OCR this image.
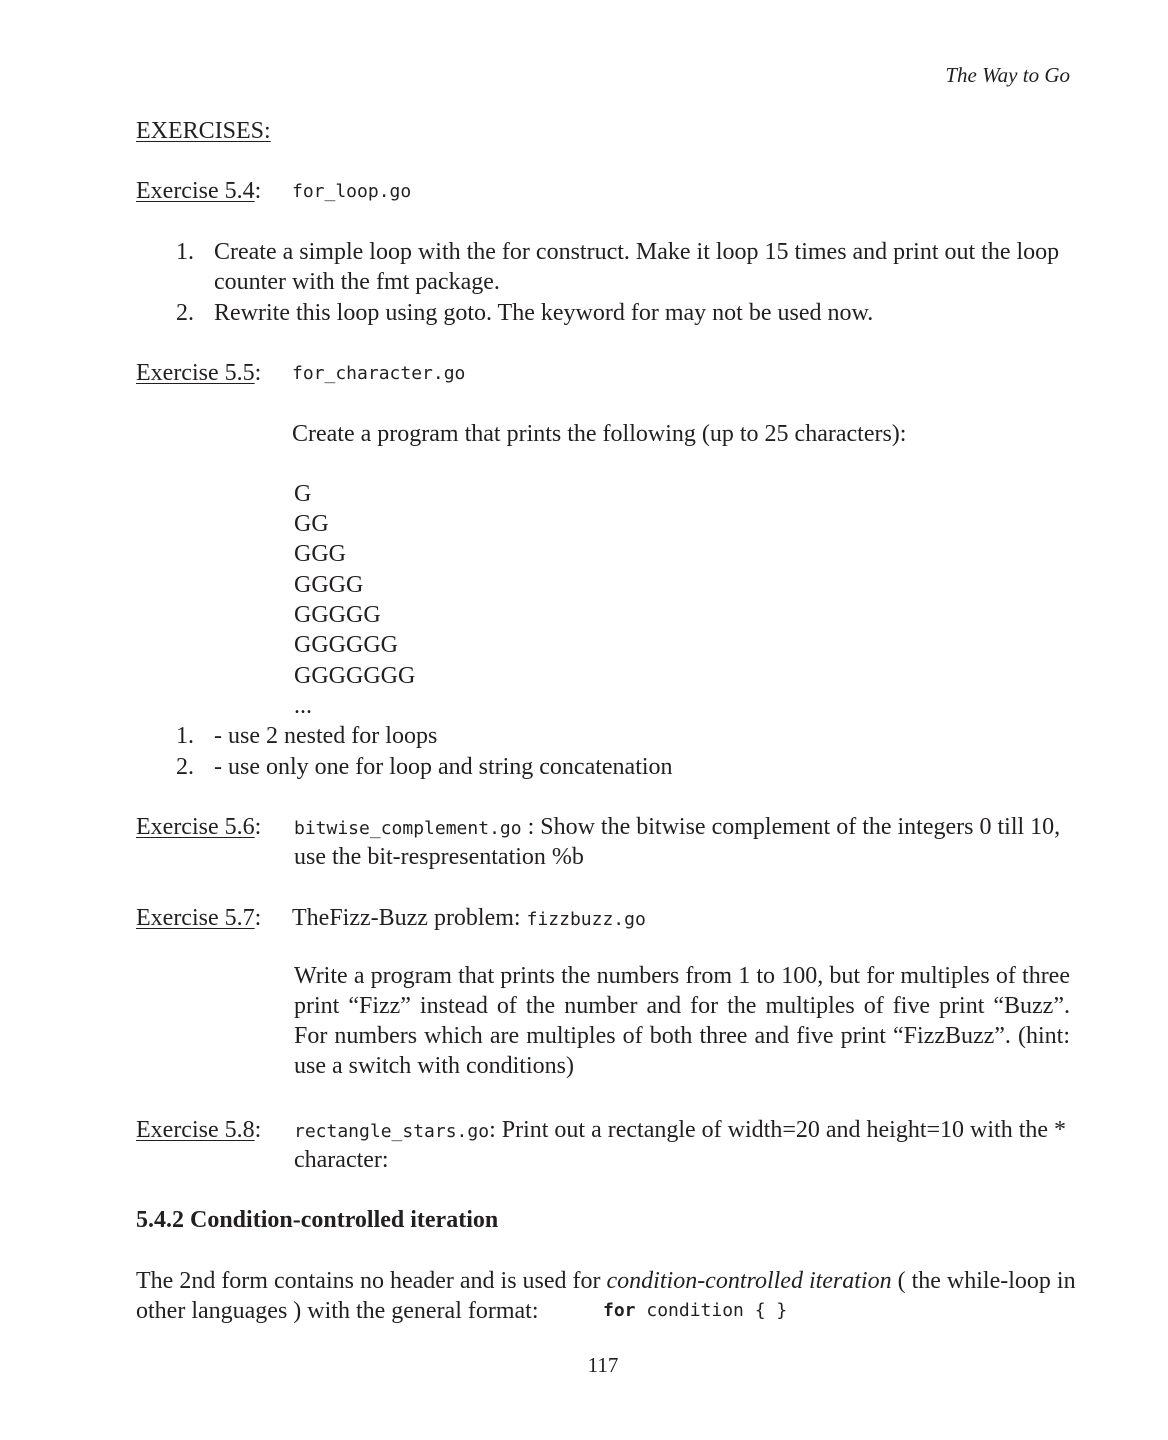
The Way to Go
EXERCISES:
Exercise 5.4: for_loop.go
1. Create a simple loop with the for construct. Make it loop 15 times and print out the loop
counter with the fmt package.
2. Rewrite this loop using goto. The keyword for may not be used now.
Exercise 5.5: for_character.go
Create a program that prints the following (up to 25 characters):
G
GG
GGG
GGGG
GGGGG
GGGGGG
GGGGGGG
...
1. - use 2 nested for loops
2. - use only one for loop and string concatenation
Exercise 5.6: bitwise_complement.go : Show the bitwise complement of the integers 0 till 10,
use the bit-respresentation %b
Exercise 5.7: TheFizz-Buzz problem: fizzbuzz.go
Write a program that prints the numbers from 1 to 100, but for multiples of three print “Fizz” instead of the number and for the multiples of five print “Buzz”. For numbers which are multiples of both three and five print “FizzBuzz”. (hint: use a switch with conditions)
Exercise 5.8: rectangle_stars.go: Print out a rectangle of width=20 and height=10 with the *
character:
5.4.2 Condition-controlled iteration
The 2nd form contains no header and is used for condition-controlled iteration ( the while-loop in
other languages ) with the general format:	for condition { }
117
